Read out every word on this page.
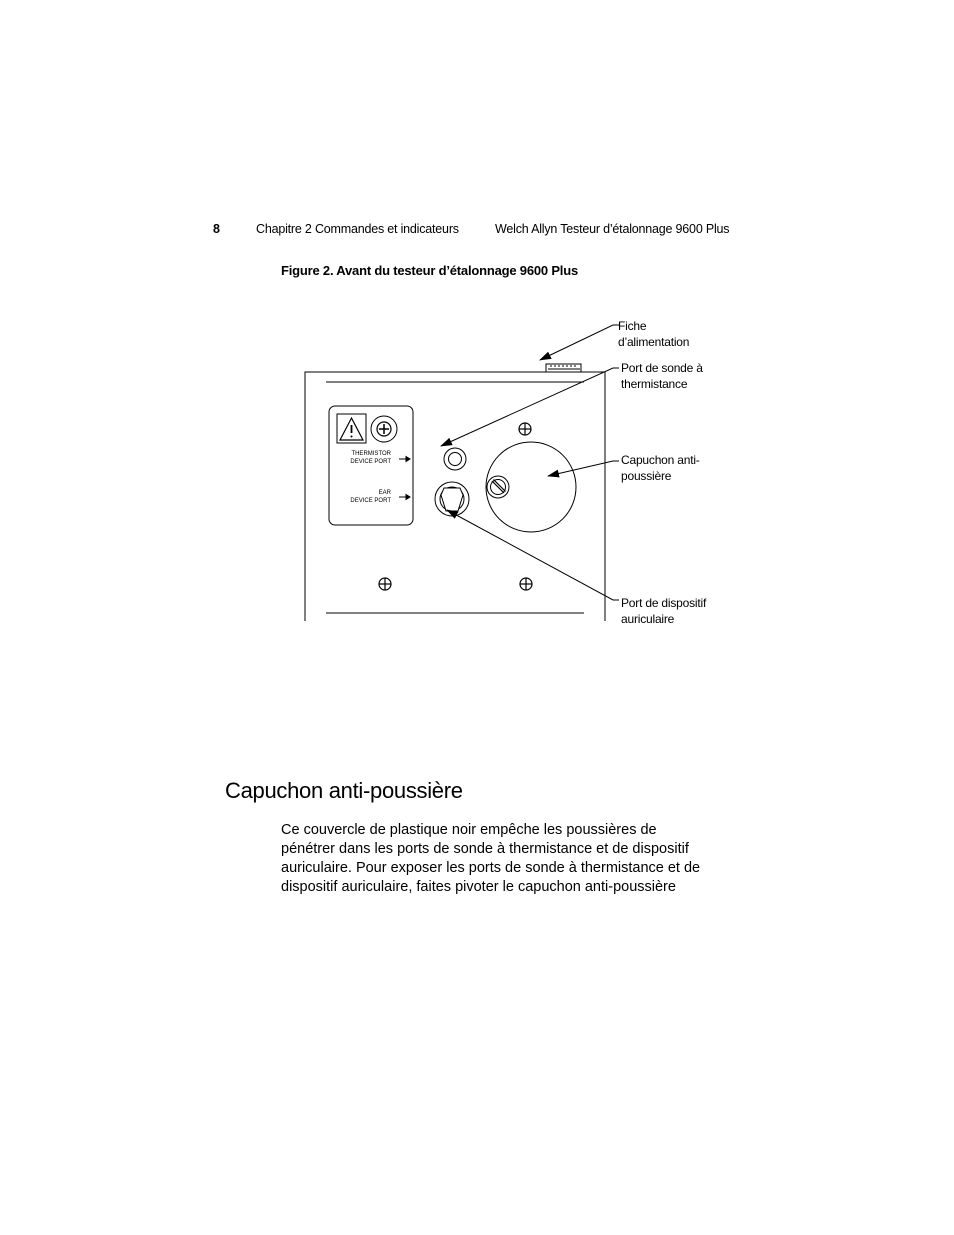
8	Chapitre 2 Commandes et indicateurs	Welch Allyn Testeur d’étalonnage 9600 Plus
Figure 2. Avant du testeur d’étalonnage 9600 Plus
THERMISTOR
DEVICE PORT
EAR
DEVICE PORT
Fiche
d’alimentation
Port de sonde à
thermistance
Capuchon anti-
poussière
Port de dispositif
auriculaire
Capuchon anti-poussière

Ce couvercle de plastique noir empêche les poussières de
pénétrer dans les ports de sonde à thermistance et de dispositif
auriculaire. Pour exposer les ports de sonde à thermistance et de
dispositif auriculaire, faites pivoter le capuchon anti-poussière
